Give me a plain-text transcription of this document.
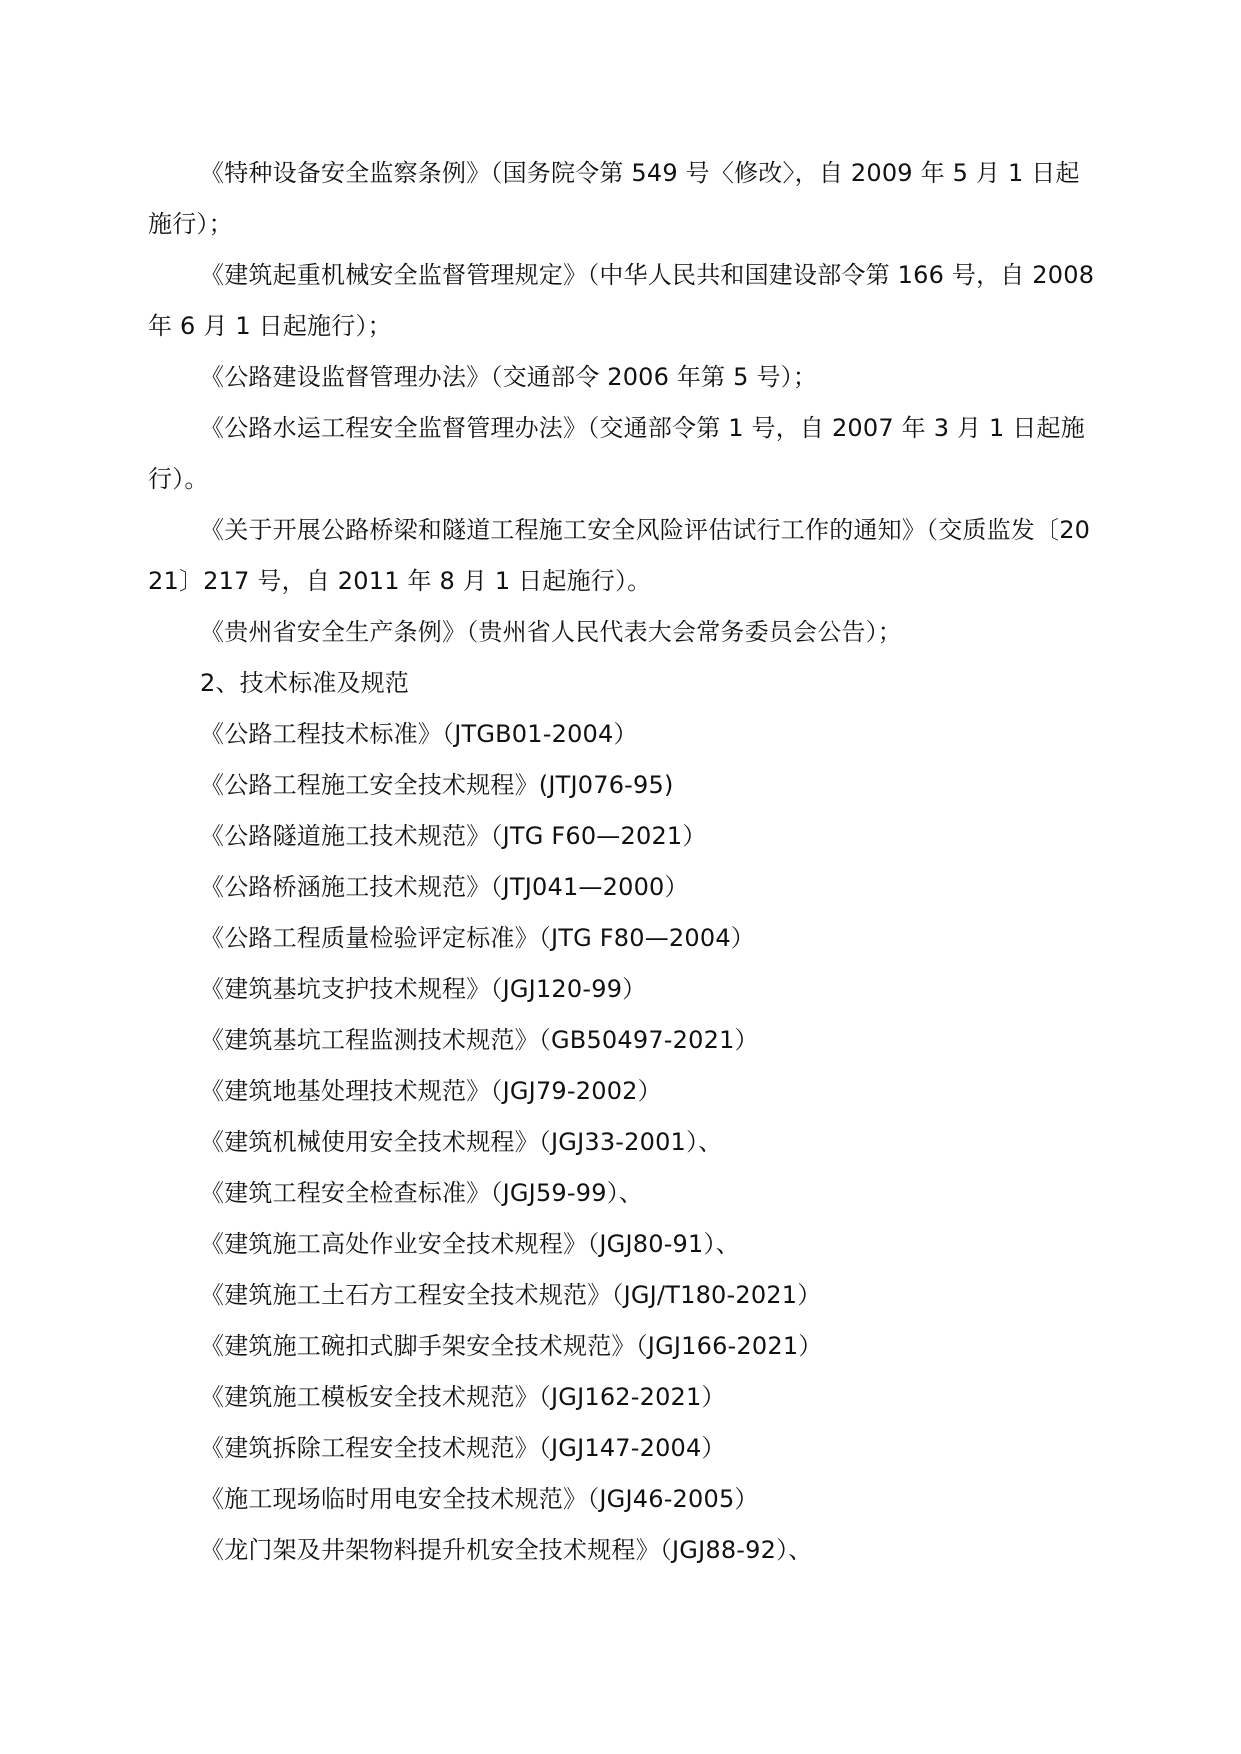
《特种设备安全监察条例》（国务院令第 549 号〈修改〉，自 2009 年 5 月 1 日起施行）；

《建筑起重机械安全监督管理规定》（中华人民共和国建设部令第 166 号，自 2008 年 6 月 1 日起施行）；

《公路建设监督管理办法》（交通部令 2006 年第 5 号）；

《公路水运工程安全监督管理办法》（交通部令第 1 号，自 2007 年 3 月 1 日起施行）。

《关于开展公路桥梁和隧道工程施工安全风险评估试行工作的通知》（交质监发〔2021〕217 号，自 2011 年 8 月 1 日起施行）。

《贵州省安全生产条例》（贵州省人民代表大会常务委员会公告）；

2、技术标准及规范

《公路工程技术标准》（JTGB01-2004）

《公路工程施工安全技术规程》(JTJ076-95)

《公路隧道施工技术规范》（JTG F60—2021）

《公路桥涵施工技术规范》（JTJ041—2000）

《公路工程质量检验评定标准》（JTG F80—2004）

《建筑基坑支护技术规程》（JGJ120-99）

《建筑基坑工程监测技术规范》（GB50497-2021）

《建筑地基处理技术规范》（JGJ79-2002）

《建筑机械使用安全技术规程》（JGJ33-2001）、

《建筑工程安全检查标准》（JGJ59-99）、

《建筑施工高处作业安全技术规程》（JGJ80-91）、

《建筑施工土石方工程安全技术规范》（JGJ/T180-2021）

《建筑施工碗扣式脚手架安全技术规范》（JGJ166-2021）

《建筑施工模板安全技术规范》（JGJ162-2021）

《建筑拆除工程安全技术规范》（JGJ147-2004）

《施工现场临时用电安全技术规范》（JGJ46-2005）

《龙门架及井架物料提升机安全技术规程》（JGJ88-92）、
